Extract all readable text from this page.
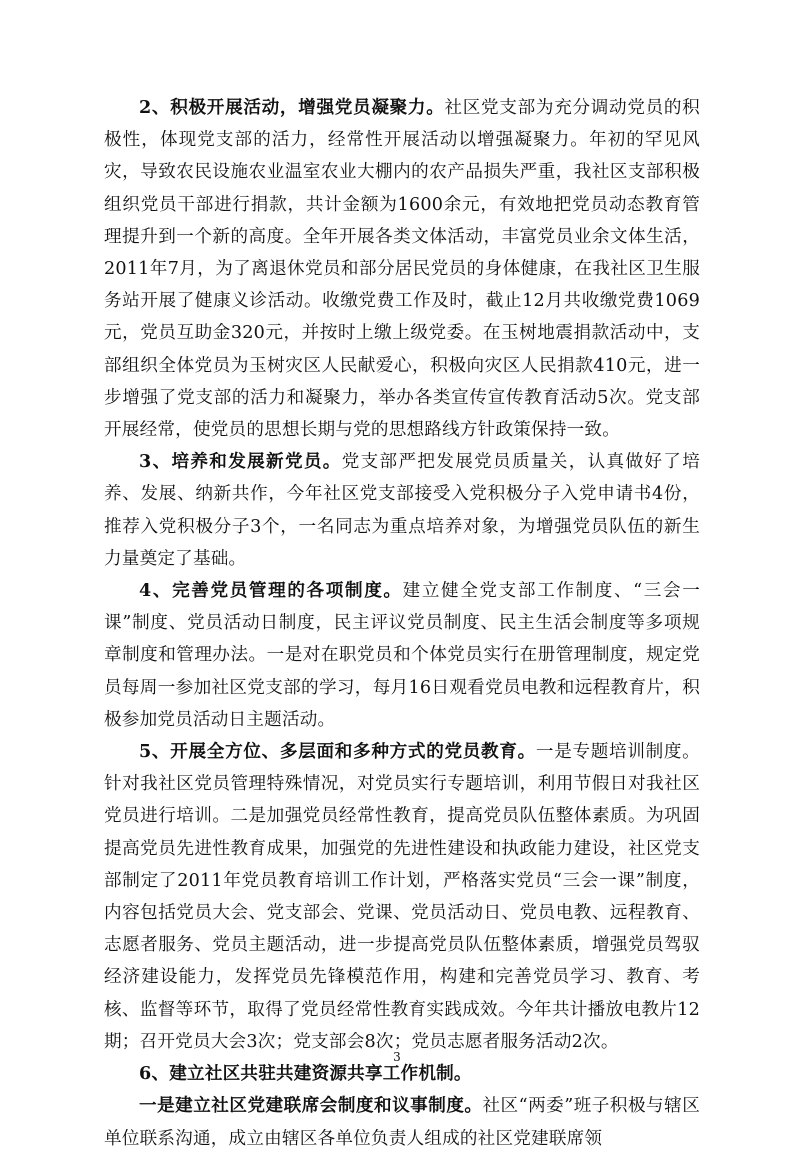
2、积极开展活动，增强党员凝聚力。社区党支部为充分调动党员的积极性，体现党支部的活力，经常性开展活动以增强凝聚力。年初的罕见风灾，导致农民设施农业温室农业大棚内的农产品损失严重，我社区支部积极组织党员干部进行捐款，共计金额为1600余元，有效地把党员动态教育管理提升到一个新的高度。全年开展各类文体活动，丰富党员业余文体生活，2011年7月，为了离退休党员和部分居民党员的身体健康，在我社区卫生服务站开展了健康义诊活动。收缴党费工作及时，截止12月共收缴党费1069元，党员互助金320元，并按时上缴上级党委。在玉树地震捐款活动中，支部组织全体党员为玉树灾区人民献爱心，积极向灾区人民捐款410元，进一步增强了党支部的活力和凝聚力，举办各类宣传宣传教育活动5次。党支部开展经常，使党员的思想长期与党的思想路线方针政策保持一致。

3、培养和发展新党员。党支部严把发展党员质量关，认真做好了培养、发展、纳新共作，今年社区党支部接受入党积极分子入党申请书4份，推荐入党积极分子3个，一名同志为重点培养对象，为增强党员队伍的新生力量奠定了基础。

4、完善党员管理的各项制度。建立健全党支部工作制度、“三会一课”制度、党员活动日制度，民主评议党员制度、民主生活会制度等多项规章制度和管理办法。一是对在职党员和个体党员实行在册管理制度，规定党员每周一参加社区党支部的学习，每月16日观看党员电教和远程教育片，积极参加党员活动日主题活动。

5、开展全方位、多层面和多种方式的党员教育。一是专题培训制度。针对我社区党员管理特殊情况，对党员实行专题培训，利用节假日对我社区党员进行培训。二是加强党员经常性教育，提高党员队伍整体素质。为巩固提高党员先进性教育成果，加强党的先进性建设和执政能力建设，社区党支部制定了2011年党员教育培训工作计划，严格落实党员“三会一课”制度，内容包括党员大会、党支部会、党课、党员活动日、党员电教、远程教育、志愿者服务、党员主题活动，进一步提高党员队伍整体素质，增强党员驾驭经济建设能力，发挥党员先锋模范作用，构建和完善党员学习、教育、考核、监督等环节，取得了党员经常性教育实践成效。今年共计播放电教片12期；召开党员大会3次；党支部会8次；党员志愿者服务活动2次。

6、建立社区共驻共建资源共享工作机制。

一是建立社区党建联席会制度和议事制度。社区“两委”班子积极与辖区单位联系沟通，成立由辖区各单位负责人组成的社区党建联席领

3
